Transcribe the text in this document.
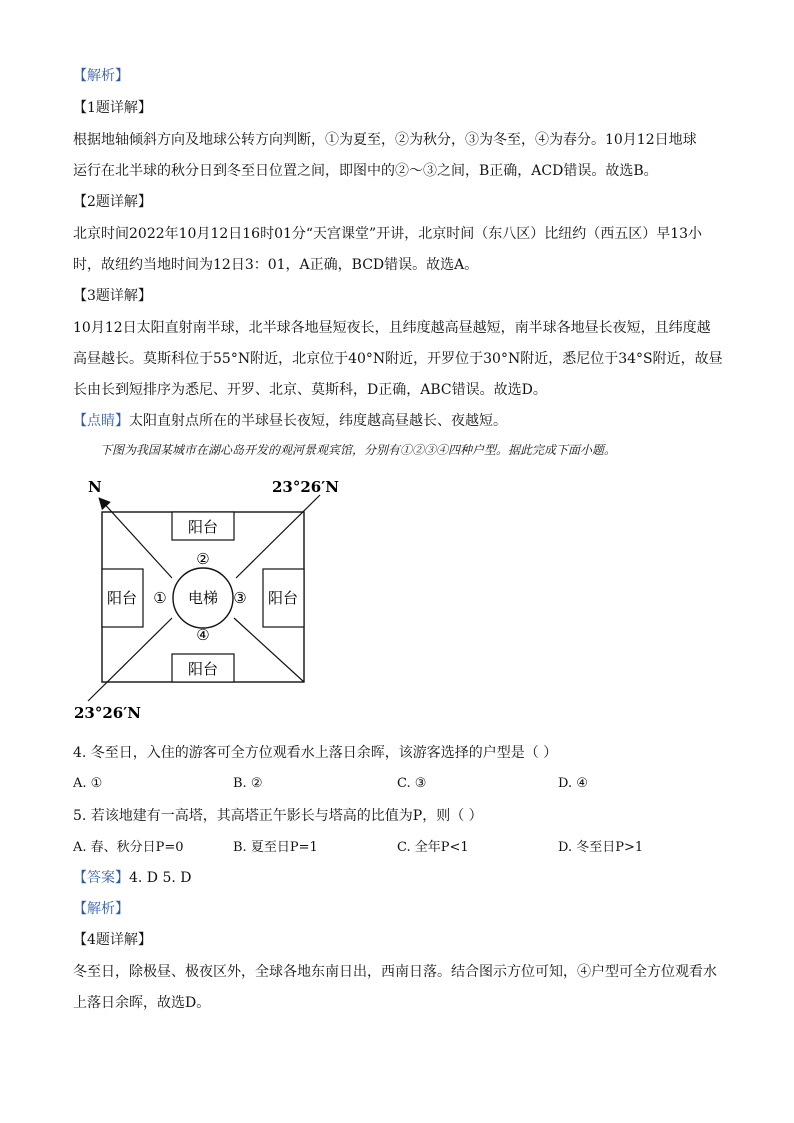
【解析】
【1题详解】
根据地轴倾斜方向及地球公转方向判断，①为夏至，②为秋分，③为冬至，④为春分。10月12日地球
运行在北半球的秋分日到冬至日位置之间，即图中的②～③之间，B正确，ACD错误。故选B。
【2题详解】
北京时间2022年10月12日16时01分“天宫课堂”开讲，北京时间（东八区）比纽约（西五区）早13小
时，故纽约当地时间为12日3：01，A正确，BCD错误。故选A。
【3题详解】
10月12日太阳直射南半球，北半球各地昼短夜长，且纬度越高昼越短，南半球各地昼长夜短，且纬度越
高昼越长。莫斯科位于55°N附近，北京位于40°N附近，开罗位于30°N附近，悉尼位于34°S附近，故昼
长由长到短排序为悉尼、开罗、北京、莫斯科，D正确，ABC错误。故选D。
【点睛】太阳直射点所在的半球昼长夜短，纬度越高昼越长、夜越短。
下图为我国某城市在湖心岛开发的观河景观宾馆，分别有①②③④四种户型。据此完成下面小题。
阳台
阳台
阳台	阳台
电梯
②
④
①	③
N	23°26′N
23°26′N
4. 冬至日，入住的游客可全方位观看水上落日余晖，该游客选择的户型是（ ）
A. ①	B. ②	C. ③	D. ④
5. 若该地建有一高塔，其高塔正午影长与塔高的比值为P，则（ ）
A. 春、秋分日P=0	B. 夏至日P=1	C. 全年P<1	D. 冬至日P>1
【答案】4. D 5. D
【解析】
【4题详解】
冬至日，除极昼、极夜区外，全球各地东南日出，西南日落。结合图示方位可知，④户型可全方位观看水
上落日余晖，故选D。
